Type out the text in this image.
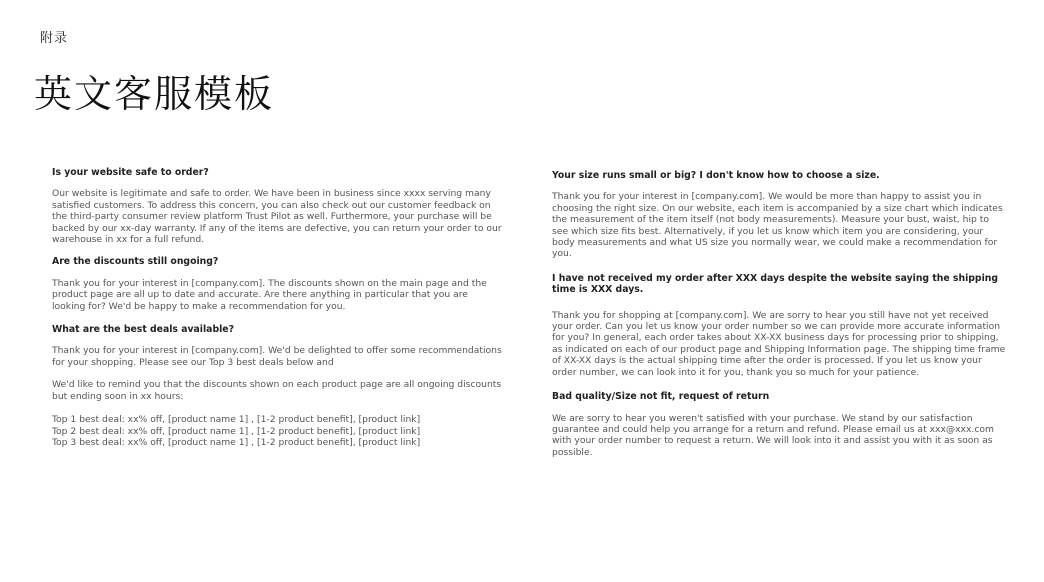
附录
英文客服模板
Is your website safe to order?

Our website is legitimate and safe to order. We have been in business since xxxx serving many satisfied customers. To address this concern, you can also check out our customer feedback on the third-party consumer review platform Trust Pilot as well. Furthermore, your purchase will be backed by our xx-day warranty. If any of the items are defective, you can return your order to our warehouse in xx for a full refund.

Are the discounts still ongoing?

Thank you for your interest in [company.com]. The discounts shown on the main page and the product page are all up to date and accurate. Are there anything in particular that you are looking for? We'd be happy to make a recommendation for you.

What are the best deals available?

Thank you for your interest in [company.com]. We'd be delighted to offer some recommendations for your shopping. Please see our Top 3 best deals below and

We'd like to remind you that the discounts shown on each product page are all ongoing discounts but ending soon in xx hours:

Top 1 best deal: xx% off, [product name 1] , [1-2 product benefit], [product link]
Top 2 best deal: xx% off, [product name 1] , [1-2 product benefit], [product link]
Top 3 best deal: xx% off, [product name 1] , [1-2 product benefit], [product link]
Your size runs small or big? I don't know how to choose a size.

Thank you for your interest in [company.com]. We would be more than happy to assist you in choosing the right size. On our website, each item is accompanied by a size chart which indicates the measurement of the item itself (not body measurements). Measure your bust, waist, hip to see which size fits best. Alternatively, if you let us know which item you are considering, your body measurements and what US size you normally wear, we could make a recommendation for you.

I have not received my order after XXX days despite the website saying the shipping time is XXX days.

Thank you for shopping at [company.com]. We are sorry to hear you still have not yet received your order. Can you let us know your order number so we can provide more accurate information for you? In general, each order takes about XX-XX business days for processing prior to shipping, as indicated on each of our product page and Shipping Information page. The shipping time frame of XX-XX days is the actual shipping time after the order is processed. If you let us know your order number, we can look into it for you, thank you so much for your patience.

Bad quality/Size not fit, request of return

We are sorry to hear you weren't satisfied with your purchase. We stand by our satisfaction guarantee and could help you arrange for a return and refund. Please email us at xxx@xxx.com with your order number to request a return. We will look into it and assist you with it as soon as possible.
